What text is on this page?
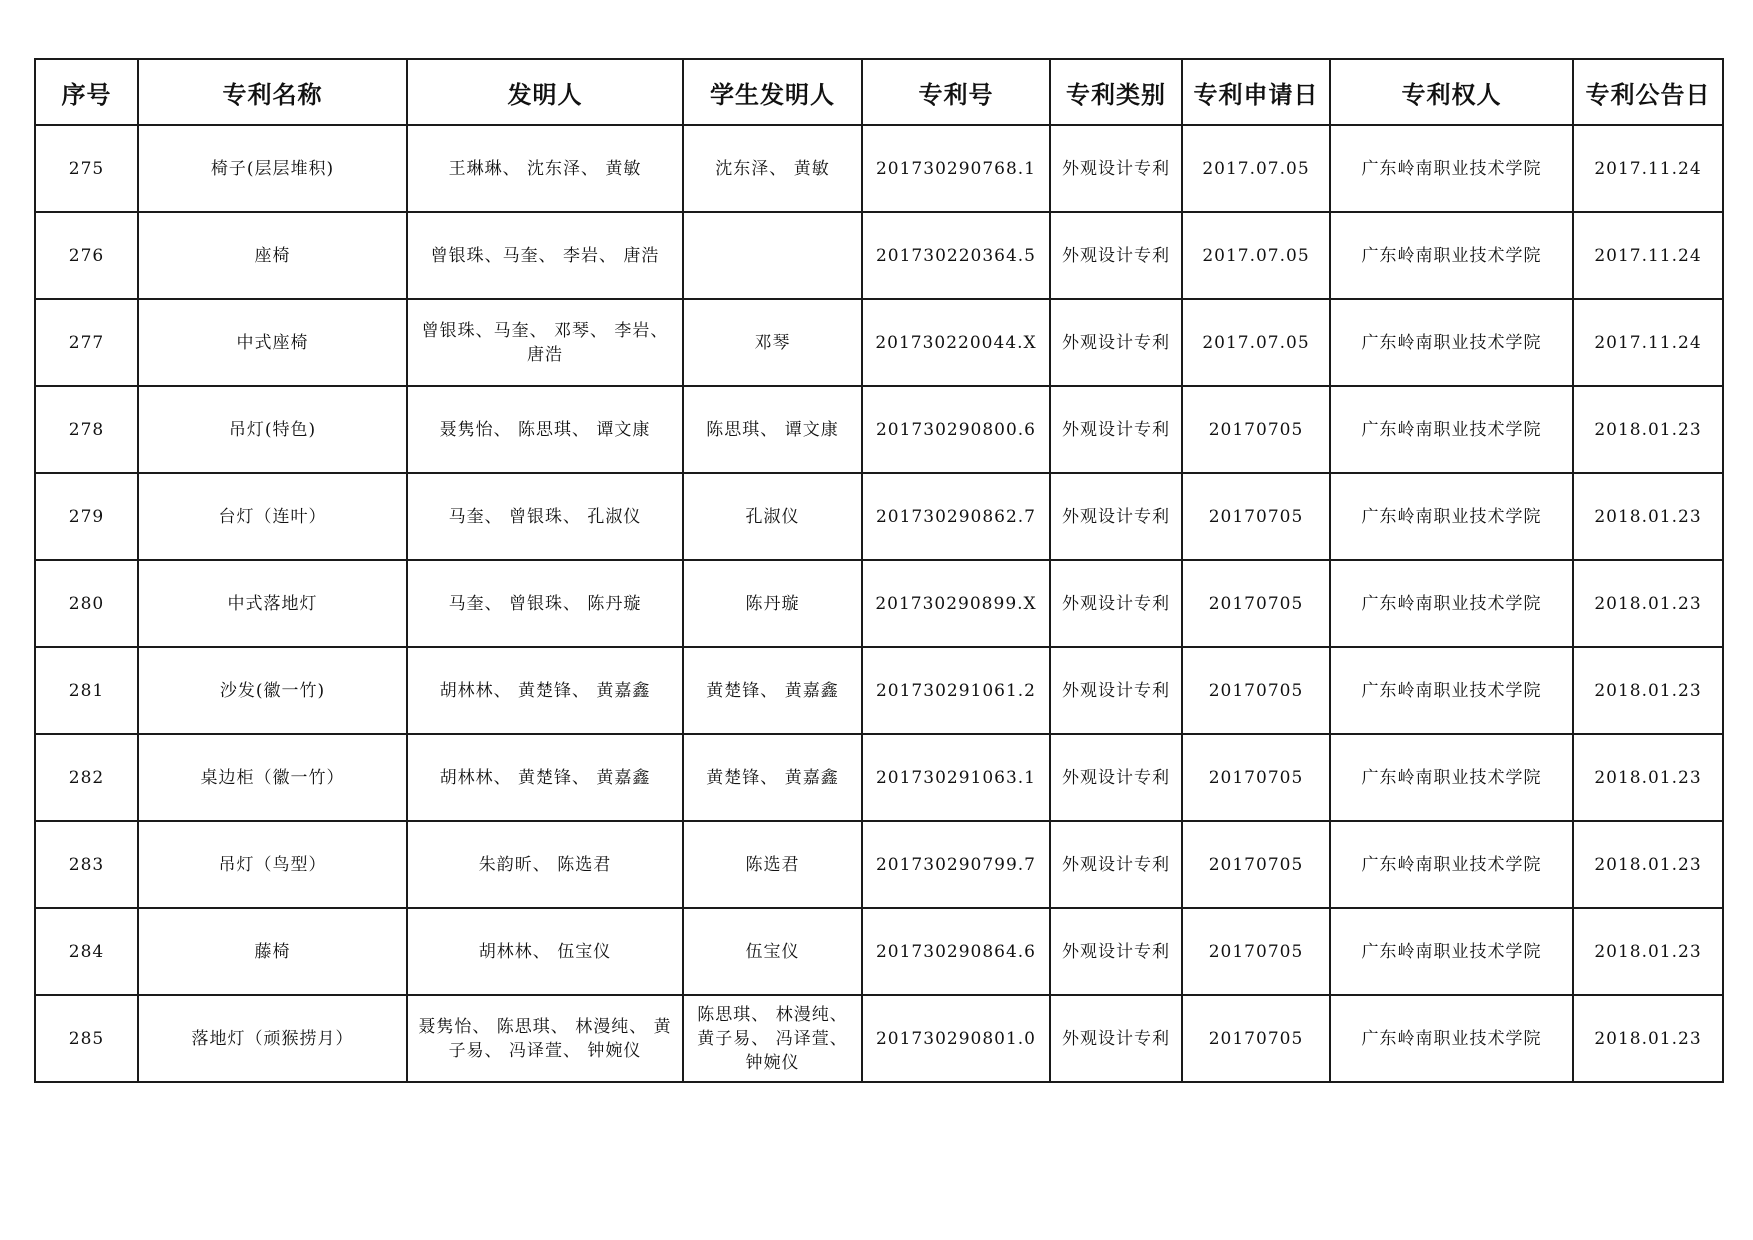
序号	专利名称	发明人	学生发明人	专利号	专利类别	专利申请日	专利权人	专利公告日
275	椅子(层层堆积)	王琳琳、 沈东泽、 黄敏	沈东泽、 黄敏	201730290768.1	外观设计专利	2017.07.05	广东岭南职业技术学院	2017.11.24
276	座椅	曾银珠、马奎、 李岩、 唐浩		201730220364.5	外观设计专利	2017.07.05	广东岭南职业技术学院	2017.11.24
277	中式座椅	曾银珠、马奎、 邓琴、 李岩、 唐浩	邓琴	201730220044.X	外观设计专利	2017.07.05	广东岭南职业技术学院	2017.11.24
278	吊灯(特色)	聂隽怡、 陈思琪、 谭文康	陈思琪、 谭文康	201730290800.6	外观设计专利	20170705	广东岭南职业技术学院	2018.01.23
279	台灯（连叶）	马奎、 曾银珠、 孔淑仪	孔淑仪	201730290862.7	外观设计专利	20170705	广东岭南职业技术学院	2018.01.23
280	中式落地灯	马奎、 曾银珠、 陈丹璇	陈丹璇	201730290899.X	外观设计专利	20170705	广东岭南职业技术学院	2018.01.23
281	沙发(徽一竹)	胡林林、 黄楚锋、 黄嘉鑫	黄楚锋、 黄嘉鑫	201730291061.2	外观设计专利	20170705	广东岭南职业技术学院	2018.01.23
282	桌边柜（徽一竹）	胡林林、 黄楚锋、 黄嘉鑫	黄楚锋、 黄嘉鑫	201730291063.1	外观设计专利	20170705	广东岭南职业技术学院	2018.01.23
283	吊灯（鸟型）	朱韵昕、 陈选君	陈选君	201730290799.7	外观设计专利	20170705	广东岭南职业技术学院	2018.01.23
284	藤椅	胡林林、 伍宝仪	伍宝仪	201730290864.6	外观设计专利	20170705	广东岭南职业技术学院	2018.01.23
285	落地灯（顽猴捞月）	聂隽怡、 陈思琪、 林漫纯、 黄子易、 冯译萱、 钟婉仪	陈思琪、 林漫纯、 黄子易、 冯译萱、 钟婉仪	201730290801.0	外观设计专利	20170705	广东岭南职业技术学院	2018.01.23
